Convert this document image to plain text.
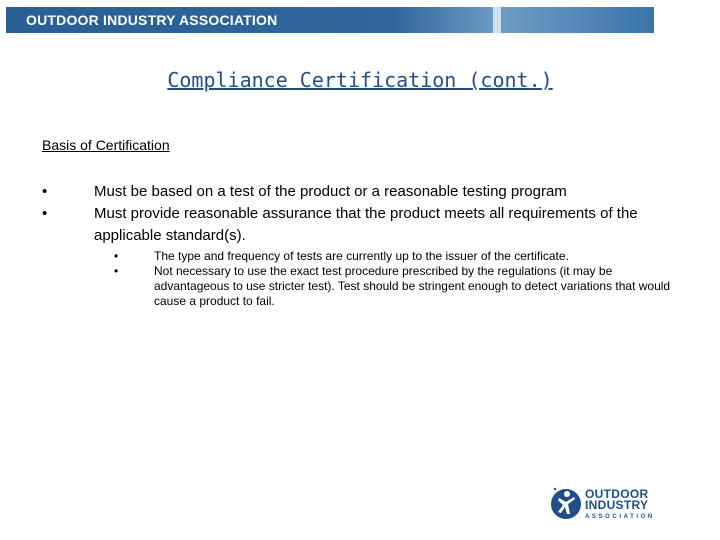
OUTDOOR INDUSTRY ASSOCIATION
Compliance Certification (cont.)
Basis of Certification
•	Must be based on a test of the product or a reasonable testing program
•	Must provide reasonable assurance that the product meets all requirements of the applicable standard(s).
•	The type and frequency of tests are currently up to the issuer of the certificate.
•	Not necessary to use the exact test procedure prescribed by the regulations (it may be advantageous to use stricter test). Test should be stringent enough to detect variations that would cause a product to fail.
OUTDOOR
INDUSTRY
ASSOCIATION
